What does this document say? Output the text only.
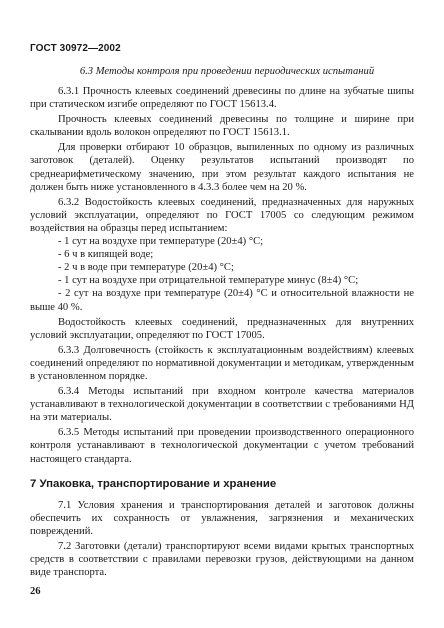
ГОСТ 30972—2002
6.3 Методы контроля при проведении периодических испытаний

6.3.1 Прочность клеевых соединений древесины по длине на зубчатые шипы при статическом изгибе определяют по ГОСТ 15613.4.

Прочность клеевых соединений древесины по толщине и ширине при скалывании вдоль волокон определяют по ГОСТ 15613.1.

Для проверки отбирают 10 образцов, выпиленных по одному из различных заготовок (деталей). Оценку результатов испытаний производят по среднеарифметическому значению, при этом результат каждого испытания не должен быть ниже установленного в 4.3.3 более чем на 20 %.

6.3.2 Водостойкость клеевых соединений, предназначенных для наружных условий эксплуатации, определяют по ГОСТ 17005 со следующим режимом воздействия на образцы перед испытанием:

- 1 сут на воздухе при температуре (20±4) °С;

- 6 ч в кипящей воде;

- 2 ч в воде при температуре (20±4) °С;

- 1 сут на воздухе при отрицательной температуре минус (8±4) °С;

- 2 сут на воздухе при температуре (20±4) °С и относительной влажности не выше 40 %.

Водостойкость клеевых соединений, предназначенных для внутренних условий эксплуатации, определяют по ГОСТ 17005.

6.3.3 Долговечность (стойкость к эксплуатационным воздействиям) клеевых соединений определяют по нормативной документации и методикам, утвержденным в установленном порядке.

6.3.4 Методы испытаний при входном контроле качества материалов устанавливают в технологической документации в соответствии с требованиями НД на эти материалы.

6.3.5 Методы испытаний при проведении производственного операционного контроля устанавливают в технологической документации с учетом требований настоящего стандарта.

7 Упаковка, транспортирование и хранение

7.1 Условия хранения и транспортирования деталей и заготовок должны обеспечить их сохранность от увлажнения, загрязнения и механических повреждений.

7.2 Заготовки (детали) транспортируют всеми видами крытых транспортных средств в соответствии с правилами перевозки грузов, действующими на данном виде транспорта.

26
